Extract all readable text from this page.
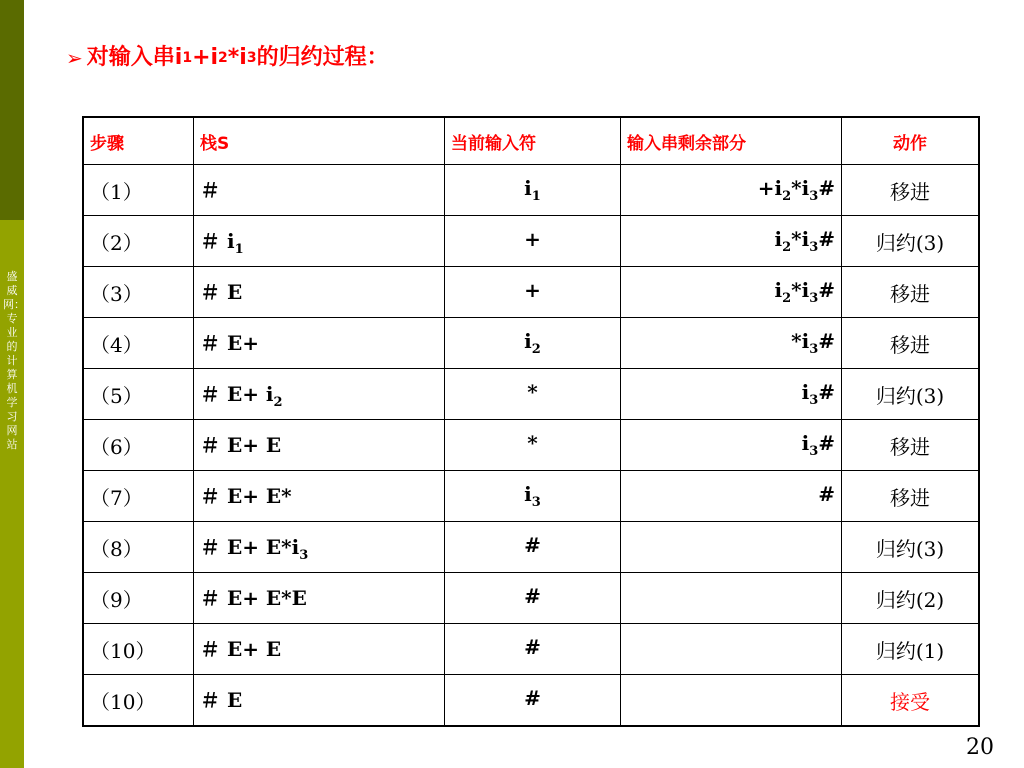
盛威网：专业的计算机学习网站
➢ 对输入串i 1 +i 2 *i 3 的归约过程：
步骤	栈S	当前输入符	输入串剩余部分	动作
（1）	＃	$i_1$	$+i_2*i_3\#$	移进
（2）	＃ $i_1$	+	$i_2*i_3\#$	归约(3)
（3）	＃ E	+	$i_2*i_3\#$	移进
（4）	＃ E+	$i_2$	$*i_3\#$	移进
（5）	＃ $E+ i_2$	*	$i_3\#$	归约(3)
（6）	＃ E+ E	*	$i_3\#$	移进
（7）	＃ E+ E*	$i_3$	#	移进
（8）	＃ $E+ E*i_3$	#		归约(3)
（9）	＃ E+ E*E	#		归约(2)
（10）	＃ E+ E	#		归约(1)
（10）	＃ E	#		接受
20
